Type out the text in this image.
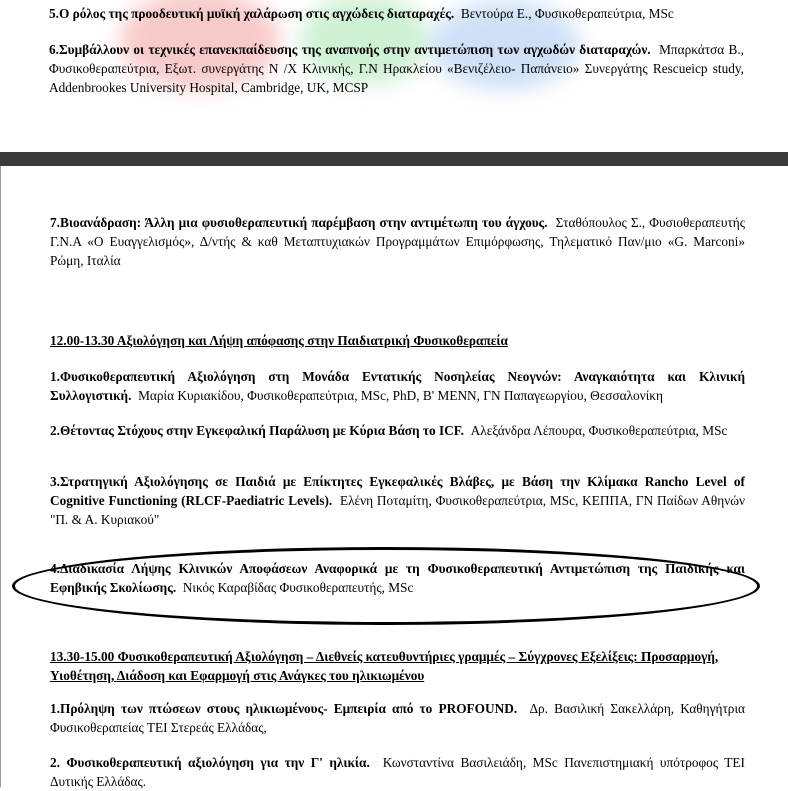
5.Ο ρόλος της προοδευτική μυϊκή χαλάρωση στις αγχώδεις διαταραχές. Βεντούρα Ε., Φυσικοθεραπεύτρια, MSc
6.Συμβάλλουν οι τεχνικές επανεκπαίδευσης της αναπνοής στην αντιμετώπιση των αγχωδών διαταραχών. Μπαρκάτσα Β., Φυσικοθεραπεύτρια, Εξωτ. συνεργάτης Ν /Χ Κλινικής, Γ.Ν Ηρακλείου «Βενιζέλειο- Παπάνειο» Συνεργάτης Rescueicp study, Addenbrookes University Hospital, Cambridge, UK, MCSP
7.Βιοανάδραση: Άλλη μια φυσιοθεραπευτική παρέμβαση στην αντιμέτωπη του άγχους. Σταθόπουλος Σ., Φυσιοθεραπευτής Γ.Ν.Α «Ο Ευαγγελισμός», Δ/ντής & καθ Μεταπτυχιακών Προγραμμάτων Επιμόρφωσης, Τηλεματικό Παν/μιο «G. Marconi» Ρώμη, Ιταλία
12.00-13.30 Αξιολόγηση και Λήψη απόφασης στην Παιδιατρική Φυσικοθεραπεία
1.Φυσικοθεραπευτική Αξιολόγηση στη Μονάδα Εντατικής Νοσηλείας Νεογνών: Αναγκαιότητα και Κλινική Συλλογιστική. Μαρία Κυριακίδου, Φυσικοθεραπεύτρια, MSc, PhD, Β' ΜΕΝΝ, ΓΝ Παπαγεωργίου, Θεσσαλονίκη
2.Θέτοντας Στόχους στην Εγκεφαλική Παράλυση με Κύρια Βάση το ICF. Αλεξάνδρα Λέπουρα, Φυσικοθεραπεύτρια, MSc
3.Στρατηγική Αξιολόγησης σε Παιδιά με Επίκτητες Εγκεφαλικές Βλάβες, με Βάση την Κλίμακα Rancho Level of Cognitive Functioning (RLCF-Paediatric Levels). Ελένη Ποταμίτη, Φυσικοθεραπεύτρια, MSc, ΚΕΠΠΑ, ΓΝ Παίδων Αθηνών "Π. & Α. Κυριακού"
4.Διαδικασία Λήψης Κλινικών Αποφάσεων Αναφορικά με τη Φυσικοθεραπευτική Αντιμετώπιση της Παιδικής και Εφηβικής Σκολίωσης. Νικός Καραβίδας Φυσικοθεραπευτής, MSc
13.30-15.00 Φυσικοθεραπευτική Αξιολόγηση – Διεθνείς κατευθυντήριες γραμμές – Σύγχρονες Εξελίξεις: Προσαρμογή, Υιοθέτηση, Διάδοση και Εφαρμογή στις Ανάγκες του ηλικιωμένου
1.Πρόληψη των πτώσεων στους ηλικιωμένους- Εμπειρία από το PROFOUND. Δρ. Βασιλική Σακελλάρη, Καθηγήτρια Φυσικοθεραπείας ΤΕΙ Στερεάς Ελλάδας,
2. Φυσικοθεραπευτική αξιολόγηση για την Γ' ηλικία. Κωνσταντίνα Βασιλειάδη, MSc Πανεπιστημιακή υπότροφος ΤΕΙ Δυτικής Ελλάδας.
